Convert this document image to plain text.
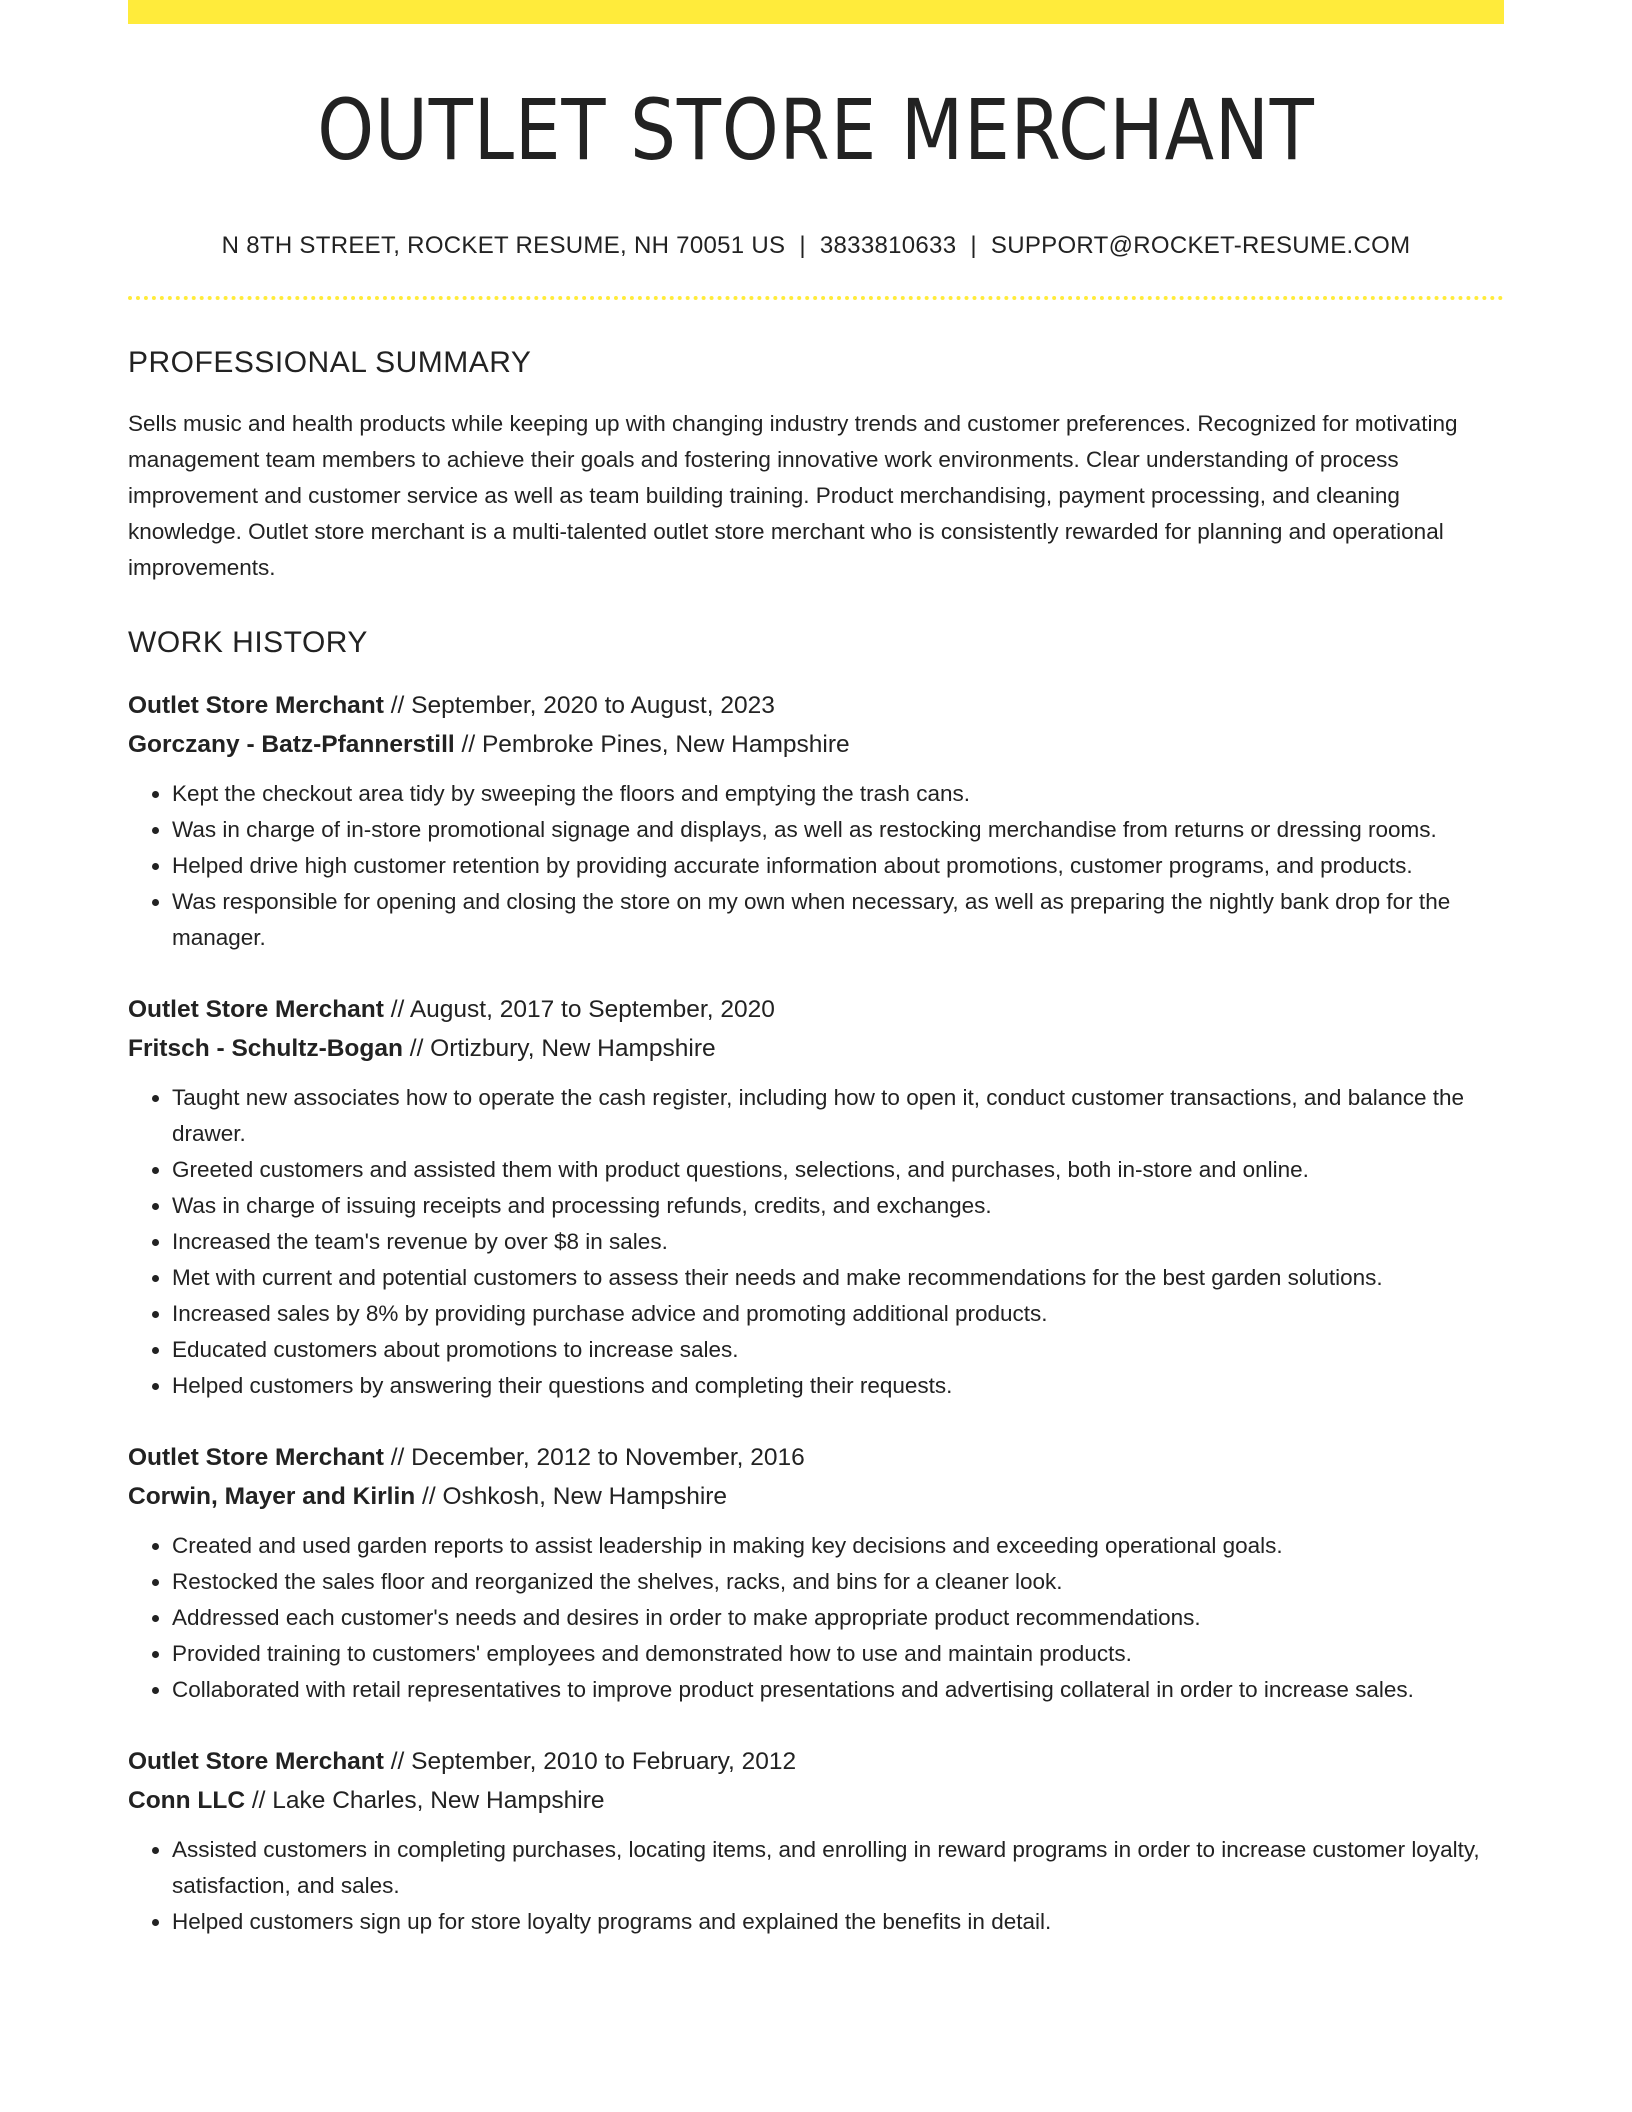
OUTLET STORE MERCHANT
N 8TH STREET, ROCKET RESUME, NH 70051 US | 3833810633 | SUPPORT@ROCKET-RESUME.COM
PROFESSIONAL SUMMARY

Sells music and health products while keeping up with changing industry trends and customer preferences. Recognized for motivating management team members to achieve their goals and fostering innovative work environments. Clear understanding of process improvement and customer service as well as team building training. Product merchandising, payment processing, and cleaning knowledge. Outlet store merchant is a multi-talented outlet store merchant who is consistently rewarded for planning and operational improvements.

WORK HISTORY
Outlet Store Merchant // September, 2020 to August, 2023
Gorczany - Batz-Pfannerstill // Pembroke Pines, New Hampshire
• Kept the checkout area tidy by sweeping the floors and emptying the trash cans.
• Was in charge of in-store promotional signage and displays, as well as restocking merchandise from returns or dressing rooms.
• Helped drive high customer retention by providing accurate information about promotions, customer programs, and products.
• Was responsible for opening and closing the store on my own when necessary, as well as preparing the nightly bank drop for the manager.
Outlet Store Merchant // August, 2017 to September, 2020
Fritsch - Schultz-Bogan // Ortizbury, New Hampshire
• Taught new associates how to operate the cash register, including how to open it, conduct customer transactions, and balance the drawer.
• Greeted customers and assisted them with product questions, selections, and purchases, both in-store and online.
• Was in charge of issuing receipts and processing refunds, credits, and exchanges.
• Increased the team's revenue by over $8 in sales.
• Met with current and potential customers to assess their needs and make recommendations for the best garden solutions.
• Increased sales by 8% by providing purchase advice and promoting additional products.
• Educated customers about promotions to increase sales.
• Helped customers by answering their questions and completing their requests.
Outlet Store Merchant // December, 2012 to November, 2016
Corwin, Mayer and Kirlin // Oshkosh, New Hampshire
• Created and used garden reports to assist leadership in making key decisions and exceeding operational goals.
• Restocked the sales floor and reorganized the shelves, racks, and bins for a cleaner look.
• Addressed each customer's needs and desires in order to make appropriate product recommendations.
• Provided training to customers' employees and demonstrated how to use and maintain products.
• Collaborated with retail representatives to improve product presentations and advertising collateral in order to increase sales.
Outlet Store Merchant // September, 2010 to February, 2012
Conn LLC // Lake Charles, New Hampshire
• Assisted customers in completing purchases, locating items, and enrolling in reward programs in order to increase customer loyalty, satisfaction, and sales.
• Helped customers sign up for store loyalty programs and explained the benefits in detail.
